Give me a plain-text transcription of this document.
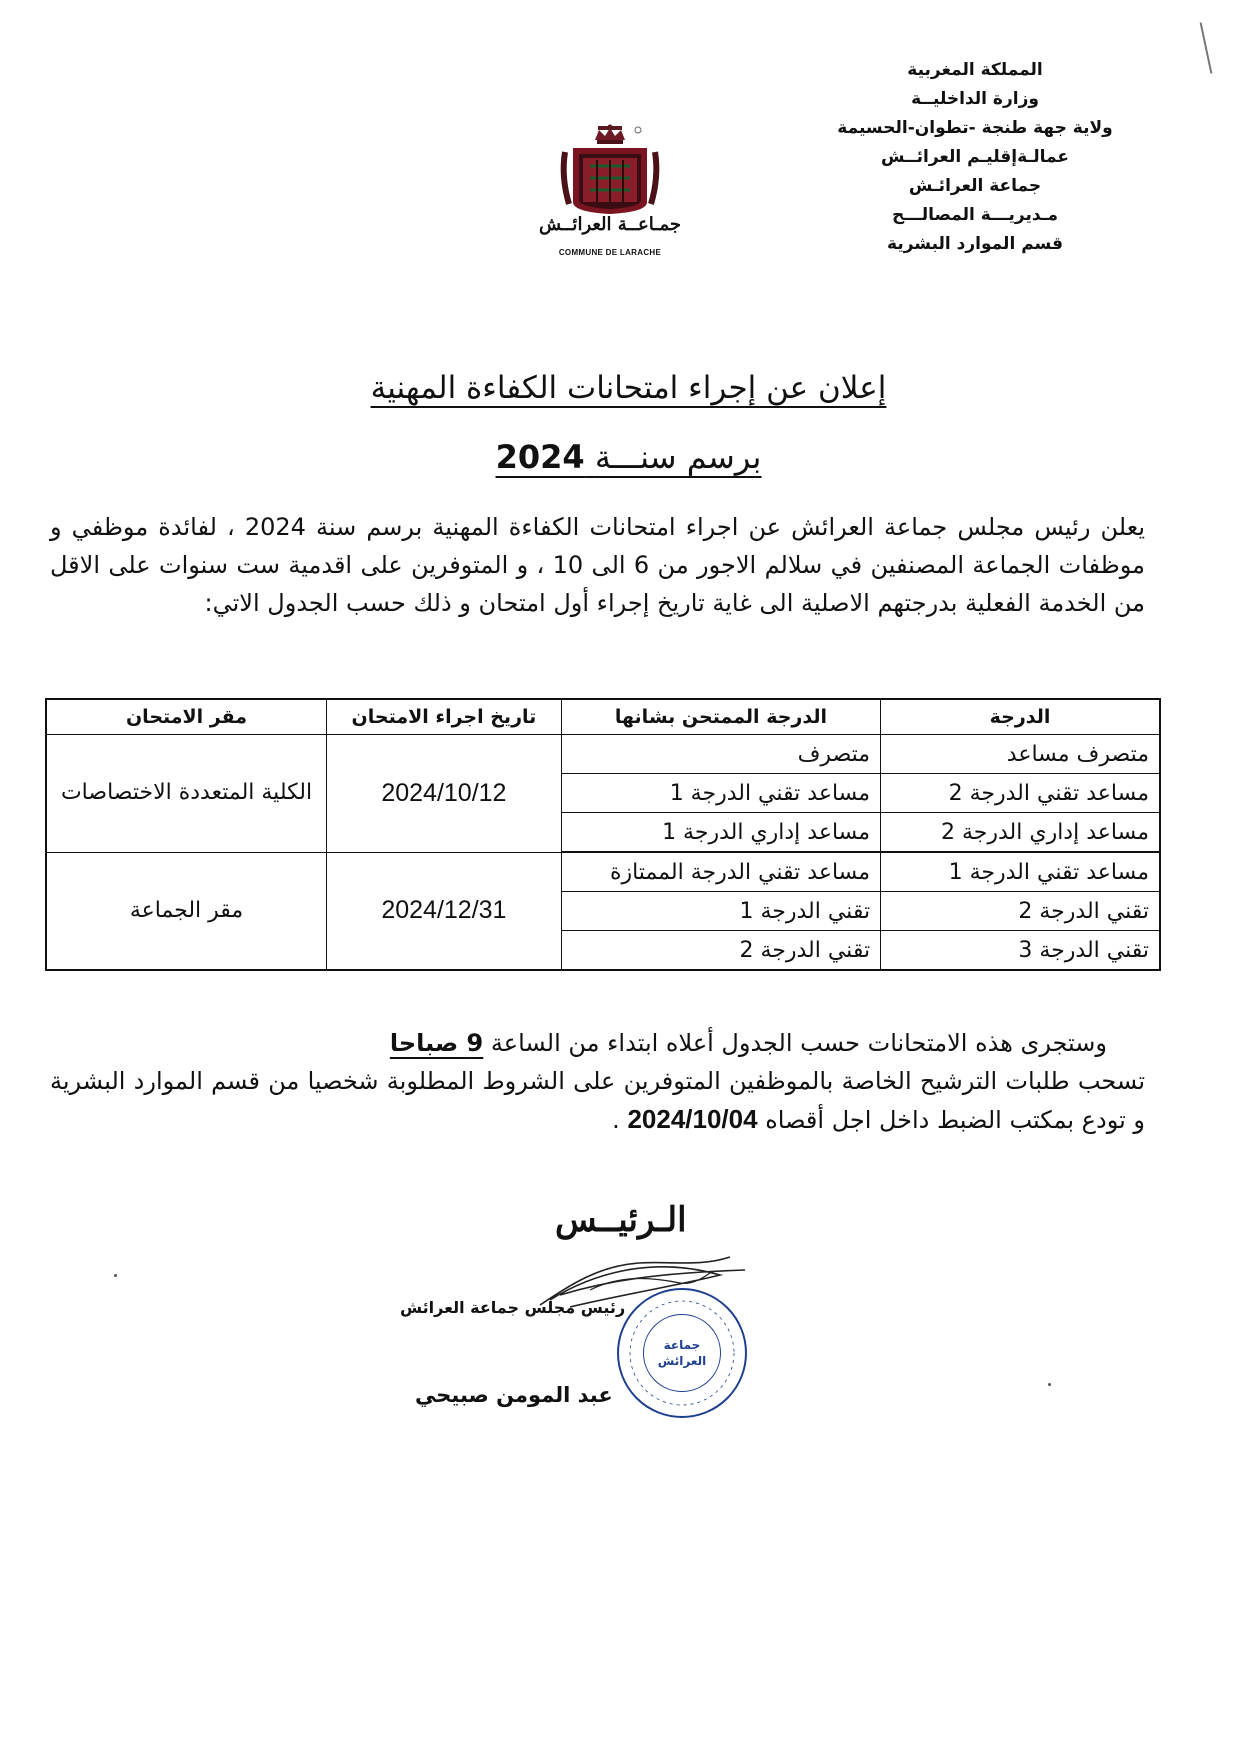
المملكة المغربية
وزارة الداخليــة
ولاية جهة طنجة -تطوان-الحسيمة
عمالـةإقليـم العرائــش
جماعة العرائـش
مـديريـــة المصالـــح
قسم الموارد البشرية
جمـاعــة العرائــش
COMMUNE DE LARACHE
إعلان عن إجراء امتحانات الكفاءة المهنية
برسم سنـــة 2024
يعلن رئيس مجلس جماعة العرائش عن اجراء امتحانات الكفاءة المهنية برسم سنة 2024 ، لفائدة موظفي و موظفات الجماعة المصنفين في سلالم الاجور من 6 الى 10 ، و المتوفرين على اقدمية ست سنوات على الاقل من الخدمة الفعلية بدرجتهم الاصلية الى غاية تاريخ إجراء أول امتحان و ذلك حسب الجدول الاتي:
الدرجة	الدرجة الممتحن بشانها	تاريخ اجراء الامتحان	مقر الامتحان
متصرف مساعد	متصرف	2024/10/12	الكلية المتعددة الاختصاصات
مساعد تقني الدرجة 2	مساعد تقني الدرجة 1		
مساعد إداري الدرجة 2	مساعد إداري الدرجة 1		
مساعد تقني الدرجة 1	مساعد تقني الدرجة الممتازة	2024/12/31	مقر الجماعة
تقني الدرجة 2	تقني الدرجة 1		
تقني الدرجة 3	تقني الدرجة 2		
وستجرى هذه الامتحانات حسب الجدول أعلاه ابتداء من الساعة 9 صباحا
تسحب طلبات الترشيح الخاصة بالموظفين المتوفرين على الشروط المطلوبة شخصيا من قسم الموارد البشرية و تودع بمكتب الضبط داخل اجل أقصاه 2024/10/04 .
الـرئيــس
رئيس مجلس جماعة العرائش
جماعة
العرائش
عبد المومن صبيحي
